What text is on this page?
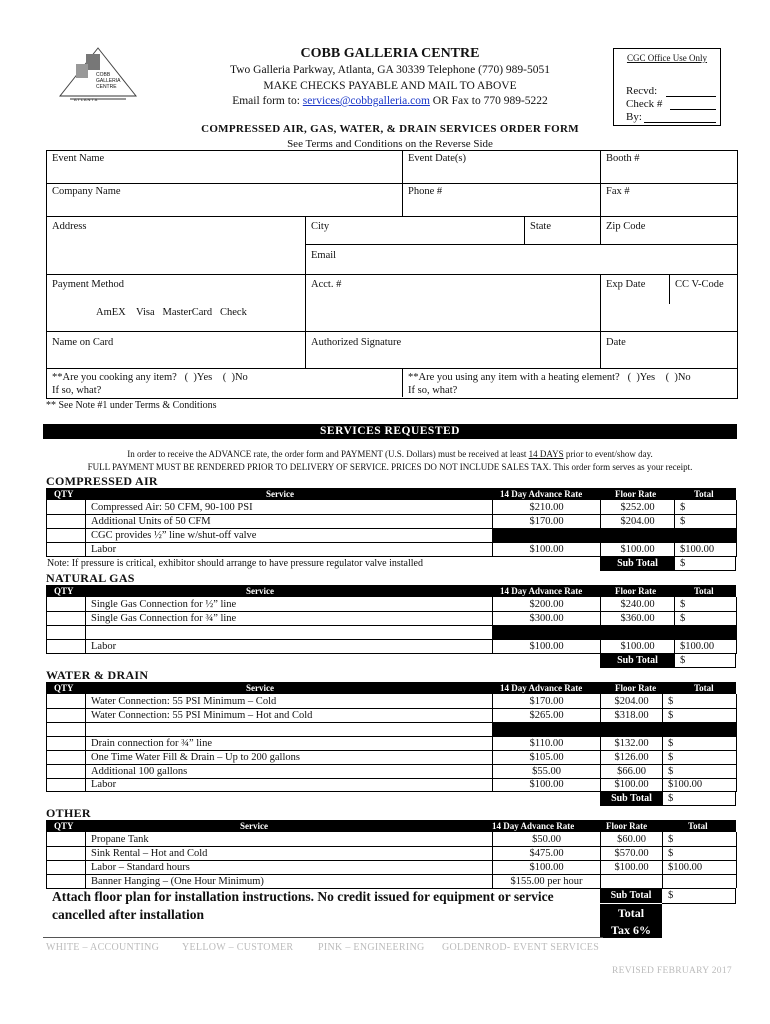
COBB
GALLERIA
CENTRE
A T L A N T A
COBB GALLERIA CENTRE
Two Galleria Parkway, Atlanta, GA 30339 Telephone (770) 989-5051
MAKE CHECKS PAYABLE AND MAIL TO ABOVE
Email form to: services@cobbgalleria.com OR Fax to 770 989-5222
CGC Office Use Only
Recvd:
Check #
By:
COMPRESSED AIR, GAS, WATER, & DRAIN SERVICES ORDER FORM
See Terms and Conditions on the Reverse Side
Event Name	Event Date(s)	Booth #
Company Name	Phone #	Fax #
Address	City	State	Zip Code
Email
Payment Method	Acct. #	Exp Date	CC V-Code
AmEX    Visa   MasterCard   Check
Name on Card	Authorized Signature	Date
**Are you cooking any item?   (  )Yes    (  )No
If so, what?
**Are you using any item with a heating element?   (  )Yes    (  )No
If so, what?
** See Note #1 under Terms & Conditions
SERVICES REQUESTED
In order to receive the ADVANCE rate, the order form and PAYMENT (U.S. Dollars) must be received at least 14 DAYS prior to event/show day.
FULL PAYMENT MUST BE RENDERED PRIOR TO DELIVERY OF SERVICE. PRICES DO NOT INCLUDE SALES TAX. This order form serves as your receipt.
COMPRESSED AIR
QTY	Service	14 Day Advance Rate	Floor Rate	Total
Compressed Air: 50 CFM, 90-100 PSI	$210.00	$252.00	$
Additional Units of 50 CFM	$170.00	$204.00	$
CGC provides ½” line w/shut-off valve
Labor	$100.00	$100.00	$100.00
Note: If pressure is critical, exhibitor should arrange to have pressure regulator valve installed	Sub Total	$
NATURAL GAS
QTY	Service	14 Day Advance Rate	Floor Rate	Total
Single Gas Connection for ½” line	$200.00	$240.00	$
Single Gas Connection for ¾” line	$300.00	$360.00	$
Labor	$100.00	$100.00	$100.00
Sub Total	$
WATER & DRAIN
QTY	Service	14 Day Advance Rate	Floor Rate	Total
Water Connection: 55 PSI Minimum – Cold	$170.00	$204.00	$
Water Connection: 55 PSI Minimum – Hot and Cold	$265.00	$318.00	$
Drain connection for ¾” line	$110.00	$132.00	$
One Time Water Fill & Drain – Up to 200 gallons	$105.00	$126.00	$
Additional 100 gallons	$55.00	$66.00	$
Labor	$100.00	$100.00	$100.00
Sub Total	$
OTHER
QTY	Service	14 Day Advance Rate	Floor Rate	Total
Propane Tank	$50.00	$60.00	$
Sink Rental – Hot and Cold	$475.00	$570.00	$
Labor – Standard hours	$100.00	$100.00	$100.00
Banner Hanging – (One Hour Minimum)	$155.00 per hour
Attach floor plan for installation instructions. No credit issued for equipment or service cancelled after installation
Sub Total	$
Total
Tax 6%
WHITE – ACCOUNTING YELLOW – CUSTOMER PINK – ENGINEERING GOLDENROD- EVENT SERVICES
REVISED FEBRUARY 2017
